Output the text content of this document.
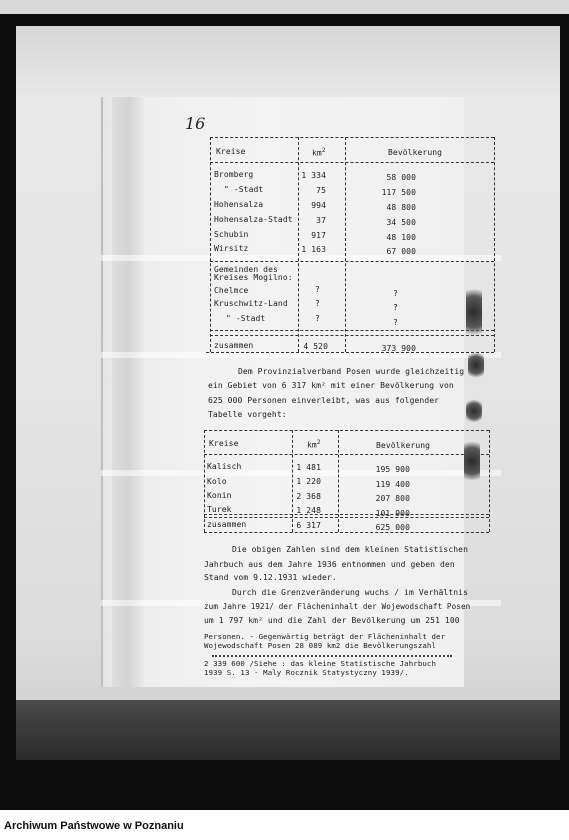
16
Kreise	$km^2$	Bevölkerung
Bromberg	1 334	58 000
" -Stadt	75	117 500
Hohensalza	994	48 800
Hohensalza-Stadt	37	34 500
Schubin	917	48 100
Wirsitz	1 163	67 000
Gemeinden des Kreises Mogilno:
Chelmce	?	?
Kruschwitz-Land	?	?
" -Stadt	?	?
zusammen	4 520	373 900
Dem Provinzialverband Posen wurde gleichzeitig
ein Gebiet von 6 317 km² mit einer Bevölkerung von
625 000 Personen einverleibt, was aus folgender
Tabelle vorgeht:
Kreise	$km^2$	Bevölkerung
Kalisch	1 481	195 900
Kolo	1 220	119 400
Konin	2 368	207 800
Turek	1 248	101 900
zusammen	6 317	625 000
Die obigen Zahlen sind dem kleinen Statistischen
Jahrbuch aus dem Jahre 1936 entnommen und geben den
Stand vom 9.12.1931 wieder.
Durch die Grenzveränderung wuchs / im Verhältnis
zum Jahre 1921/ der Flächeninhalt der Wojewodschaft Posen
um 1 797 km² und die Zahl der Bevölkerung um 251 100
Personen. - Gegenwärtig beträgt der Flächeninhalt der
Wojewodschaft Posen 28 089 km2 die Bevölkerungszahl
2 339 600 /Siehe : das kleine Statistische Jahrbuch
1939 S. 13 - Maly Rocznik Statystyczny 1939/.
Archiwum Państwowe w Poznaniu
